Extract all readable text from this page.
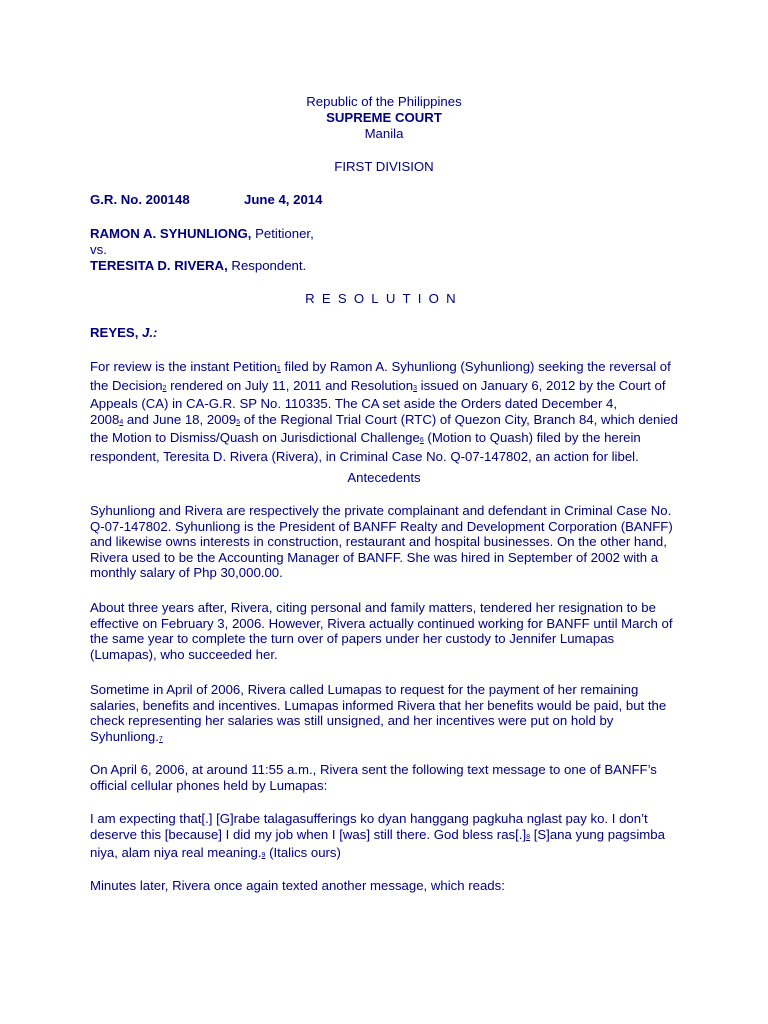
Republic of the Philippines
SUPREME COURT
Manila
FIRST DIVISION
G.R. No. 200148	June 4, 2014
RAMON A. SYHUNLIONG, Petitioner,
vs.
TERESITA D. RIVERA, Respondent.
RESOLUTION
REYES, J.:
For review is the instant Petition1 filed by Ramon A. Syhunliong (Syhunliong) seeking the reversal of
the Decision2 rendered on July 11, 2011 and Resolution3 issued on January 6, 2012 by the Court of
Appeals (CA) in CA-G.R. SP No. 110335. The CA set aside the Orders dated December 4,
20084 and June 18, 20095 of the Regional Trial Court (RTC) of Quezon City, Branch 84, which denied
the Motion to Dismiss/Quash on Jurisdictional Challenge6 (Motion to Quash) filed by the herein
respondent, Teresita D. Rivera (Rivera), in Criminal Case No. Q-07-147802, an action for libel.
Antecedents
Syhunliong and Rivera are respectively the private complainant and defendant in Criminal Case No.
Q-07-147802. Syhunliong is the President of BANFF Realty and Development Corporation (BANFF)
and likewise owns interests in construction, restaurant and hospital businesses. On the other hand,
Rivera used to be the Accounting Manager of BANFF. She was hired in September of 2002 with a
monthly salary of Php 30,000.00.
About three years after, Rivera, citing personal and family matters, tendered her resignation to be
effective on February 3, 2006. However, Rivera actually continued working for BANFF until March of
the same year to complete the turn over of papers under her custody to Jennifer Lumapas
(Lumapas), who succeeded her.
Sometime in April of 2006, Rivera called Lumapas to request for the payment of her remaining
salaries, benefits and incentives. Lumapas informed Rivera that her benefits would be paid, but the
check representing her salaries was still unsigned, and her incentives were put on hold by
Syhunliong.7
On April 6, 2006, at around 11:55 a.m., Rivera sent the following text message to one of BANFF’s
official cellular phones held by Lumapas:
I am expecting that[.] [G]rabe talagasufferings ko dyan hanggang pagkuha nglast pay ko. I don’t
deserve this [because] I did my job when I [was] still there. God bless ras[.]8 [S]ana yung pagsimba
niya, alam niya real meaning.9 (Italics ours)
Minutes later, Rivera once again texted another message, which reads:
